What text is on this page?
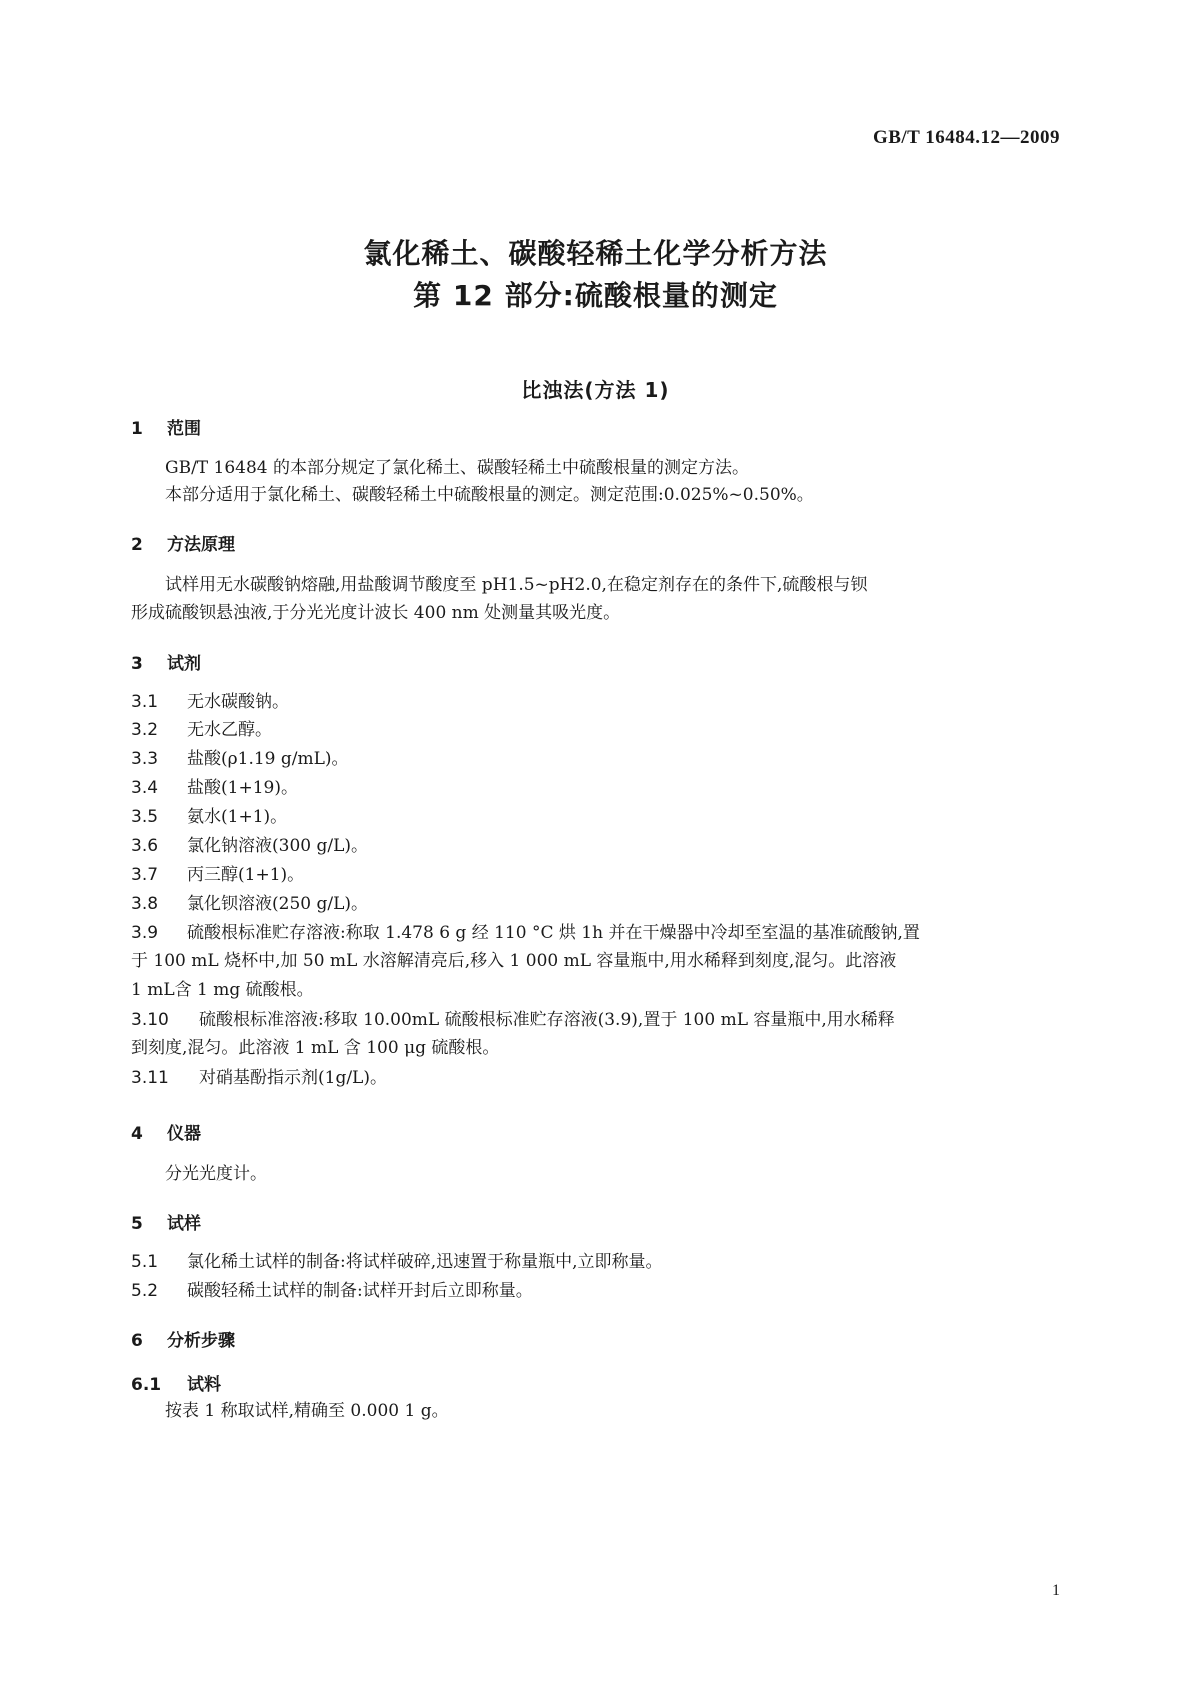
GB/T 16484.12—2009
氯化稀土、碳酸轻稀土化学分析方法
第 12 部分:硫酸根量的测定
比浊法(方法 1)
1 范围
GB/T 16484 的本部分规定了氯化稀土、碳酸轻稀土中硫酸根量的测定方法。
本部分适用于氯化稀土、碳酸轻稀土中硫酸根量的测定。测定范围:0.025%~0.50%。
2 方法原理
试样用无水碳酸钠熔融,用盐酸调节酸度至 pH1.5~pH2.0,在稳定剂存在的条件下,硫酸根与钡
形成硫酸钡悬浊液,于分光光度计波长 400 nm 处测量其吸光度。
3 试剂
3.1 无水碳酸钠。
3.2 无水乙醇。
3.3 盐酸(ρ1.19 g/mL)。
3.4 盐酸(1+19)。
3.5 氨水(1+1)。
3.6 氯化钠溶液(300 g/L)。
3.7 丙三醇(1+1)。
3.8 氯化钡溶液(250 g/L)。
3.9 硫酸根标准贮存溶液:称取 1.478 6 g 经 110 °C 烘 1h 并在干燥器中冷却至室温的基准硫酸钠,置
于 100 mL 烧杯中,加 50 mL 水溶解清亮后,移入 1 000 mL 容量瓶中,用水稀释到刻度,混匀。此溶液
1 mL含 1 mg 硫酸根。
3.10 硫酸根标准溶液:移取 10.00mL 硫酸根标准贮存溶液(3.9),置于 100 mL 容量瓶中,用水稀释
到刻度,混匀。此溶液 1 mL 含 100 μg 硫酸根。
3.11 对硝基酚指示剂(1g/L)。
4 仪器
分光光度计。
5 试样
5.1 氯化稀土试样的制备:将试样破碎,迅速置于称量瓶中,立即称量。
5.2 碳酸轻稀土试样的制备:试样开封后立即称量。
6 分析步骤
6.1 试料
按表 1 称取试样,精确至 0.000 1 g。
1
